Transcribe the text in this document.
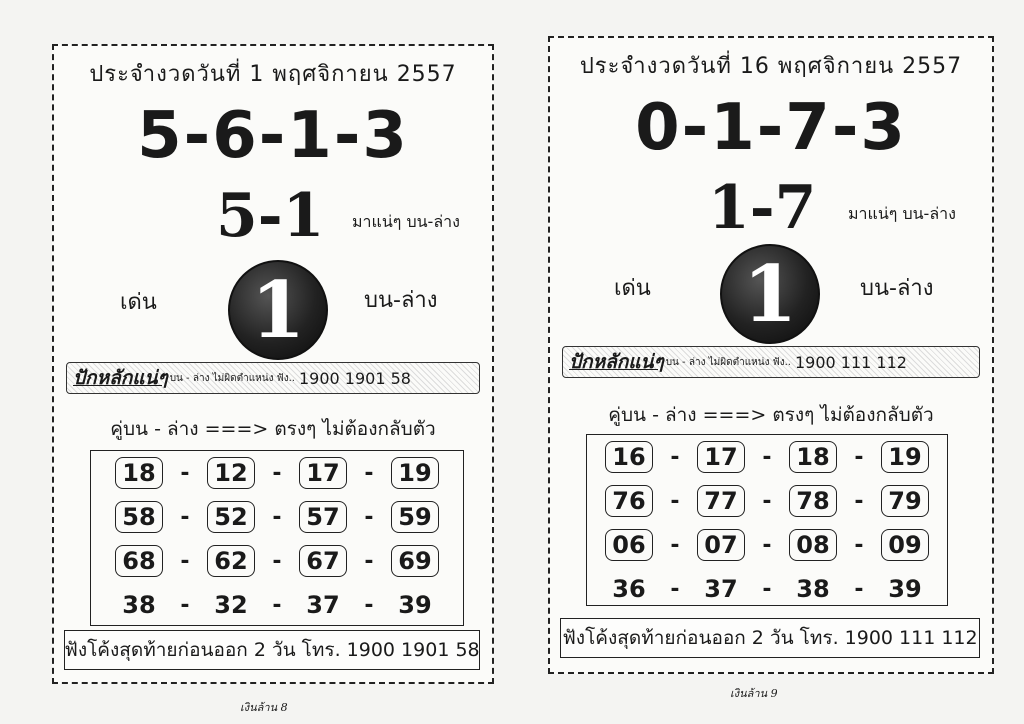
ประจำงวดวันที่ 1 พฤศจิกายน 2557
5-6-1-3
5-1 มาแน่ๆ บน-ล่าง
เด่น 1	บน-ล่าง
ปักหลักแน่ๆ บน - ล่าง ไม่ผิดตำแหน่ง ฟัง.. 1900 1901 58
คู่บน - ล่าง ===> ตรงๆ ไม่ต้องกลับตัว
18	-	12	-	17	-	19
58	-	52	-	57	-	59
68	-	62	-	67	-	69
38	-	32	-	37	-	39
ฟังโค้งสุดท้ายก่อนออก 2 วัน โทร. 1900 1901 58
เงินล้าน 8
ประจำงวดวันที่ 16 พฤศจิกายน 2557
0-1-7-3
1-7 มาแน่ๆ บน-ล่าง
เด่น 1	บน-ล่าง
ปักหลักแน่ๆ บน - ล่าง ไม่ผิดตำแหน่ง ฟัง.. 1900 111 112
คู่บน - ล่าง ===> ตรงๆ ไม่ต้องกลับตัว
16	-	17	-	18	-	19
76	-	77	-	78	-	79
06	-	07	-	08	-	09
36	-	37	-	38	-	39
ฟังโค้งสุดท้ายก่อนออก 2 วัน โทร. 1900 111 112
เงินล้าน 9
